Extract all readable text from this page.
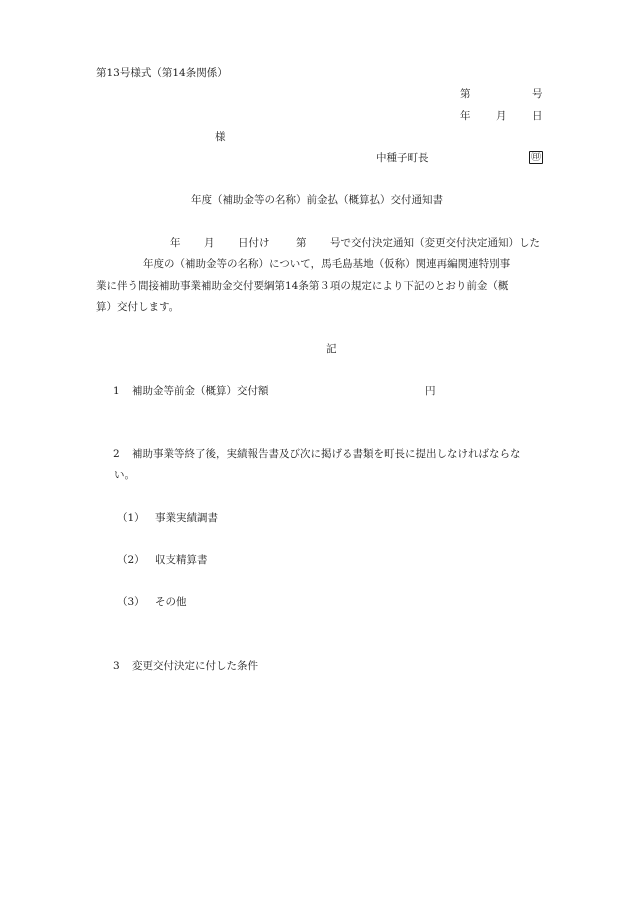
第13号様式（第14条関係）
第	号
年 月 日
様
中種子町長	㊞
年度（補助金等の名称）前金払（概算払）交付通知書
年 月 日付け	第 号で交付決定通知（変更交付決定通知）した
年度の（補助金等の名称）について，馬毛島基地（仮称）関連再編関連特別事
業に伴う間接補助事業補助金交付要綱第14条第３項の規定により下記のとおり前金（概
算）交付します。
記
1 補助金等前金（概算）交付額	円
2 補助事業等終了後，実績報告書及び次に掲げる書類を町長に提出しなければならな
い。
（1） 事業実績調書
（2） 収支精算書
（3） その他
3 変更交付決定に付した条件
